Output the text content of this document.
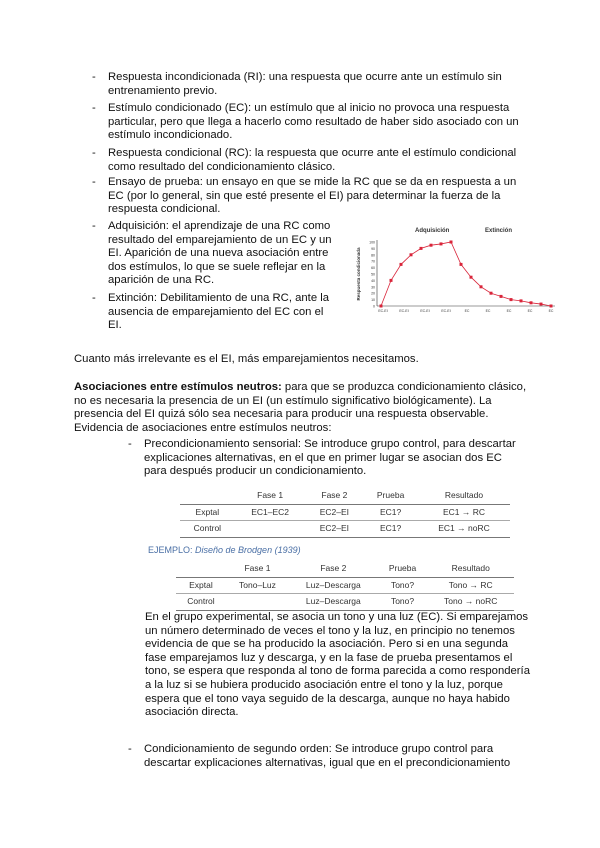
- Respuesta incondicionada (RI): una respuesta que ocurre ante un estímulo sin entrenamiento previo.
- Estímulo condicionado (EC): un estímulo que al inicio no provoca una respuesta particular, pero que llega a hacerlo como resultado de haber sido asociado con un estímulo incondicionado.
- Respuesta condicional (RC): la respuesta que ocurre ante el estímulo condicional como resultado del condicionamiento clásico.
- Ensayo de prueba: un ensayo en que se mide la RC que se da en respuesta a un EC (por lo general, sin que esté presente el EI) para determinar la fuerza de la respuesta condicional.
- Adquisición: el aprendizaje de una RC como resultado del emparejamiento de un EC y un EI. Aparición de una nueva asociación entre dos estímulos, lo que se suele reflejar en la aparición de una RC.
- Extinción: Debilitamiento de una RC, ante la ausencia de emparejamiento del EC con el EI.
Adquisición	Extinción
Respuesta condicionada
0
10
20
30
40
50
60
70
80
90
100
EC-EI	EC-EI	EC-EI	EC-EI	EC	EC	EC	EC	EC
Cuanto más irrelevante es el EI, más emparejamientos necesitamos.
Asociaciones entre estímulos neutros: para que se produzca condicionamiento clásico, no es necesaria la presencia de un EI (un estímulo significativo biológicamente). La presencia del EI quizá sólo sea necesaria para producir una respuesta observable. Evidencia de asociaciones entre estímulos neutros:
- Precondicionamiento sensorial: Se introduce grupo control, para descartar explicaciones alternativas, en el que en primer lugar se asocian dos EC para después producir un condicionamiento.
	Fase 1	Fase 2	Prueba	Resultado
Exptal	EC1–EC2	EC2–EI	EC1?	EC1 → RC
Control		EC2–EI	EC1?	EC1 → noRC
EJEMPLO: Diseño de Brodgen (1939)
	Fase 1	Fase 2	Prueba	Resultado
Exptal	Tono–Luz	Luz–Descarga	Tono?	Tono → RC
Control		Luz–Descarga	Tono?	Tono → noRC
En el grupo experimental, se asocia un tono y una luz (EC). Si emparejamos un número determinado de veces el tono y la luz, en principio no tenemos evidencia de que se ha producido la asociación. Pero si en una segunda fase emparejamos luz y descarga, y en la fase de prueba presentamos el tono, se espera que responda al tono de forma parecida a como respondería a la luz si se hubiera producido asociación entre el tono y la luz, porque espera que el tono vaya seguido de la descarga, aunque no haya habido asociación directa.
- Condicionamiento de segundo orden: Se introduce grupo control para descartar explicaciones alternativas, igual que en el precondicionamiento
